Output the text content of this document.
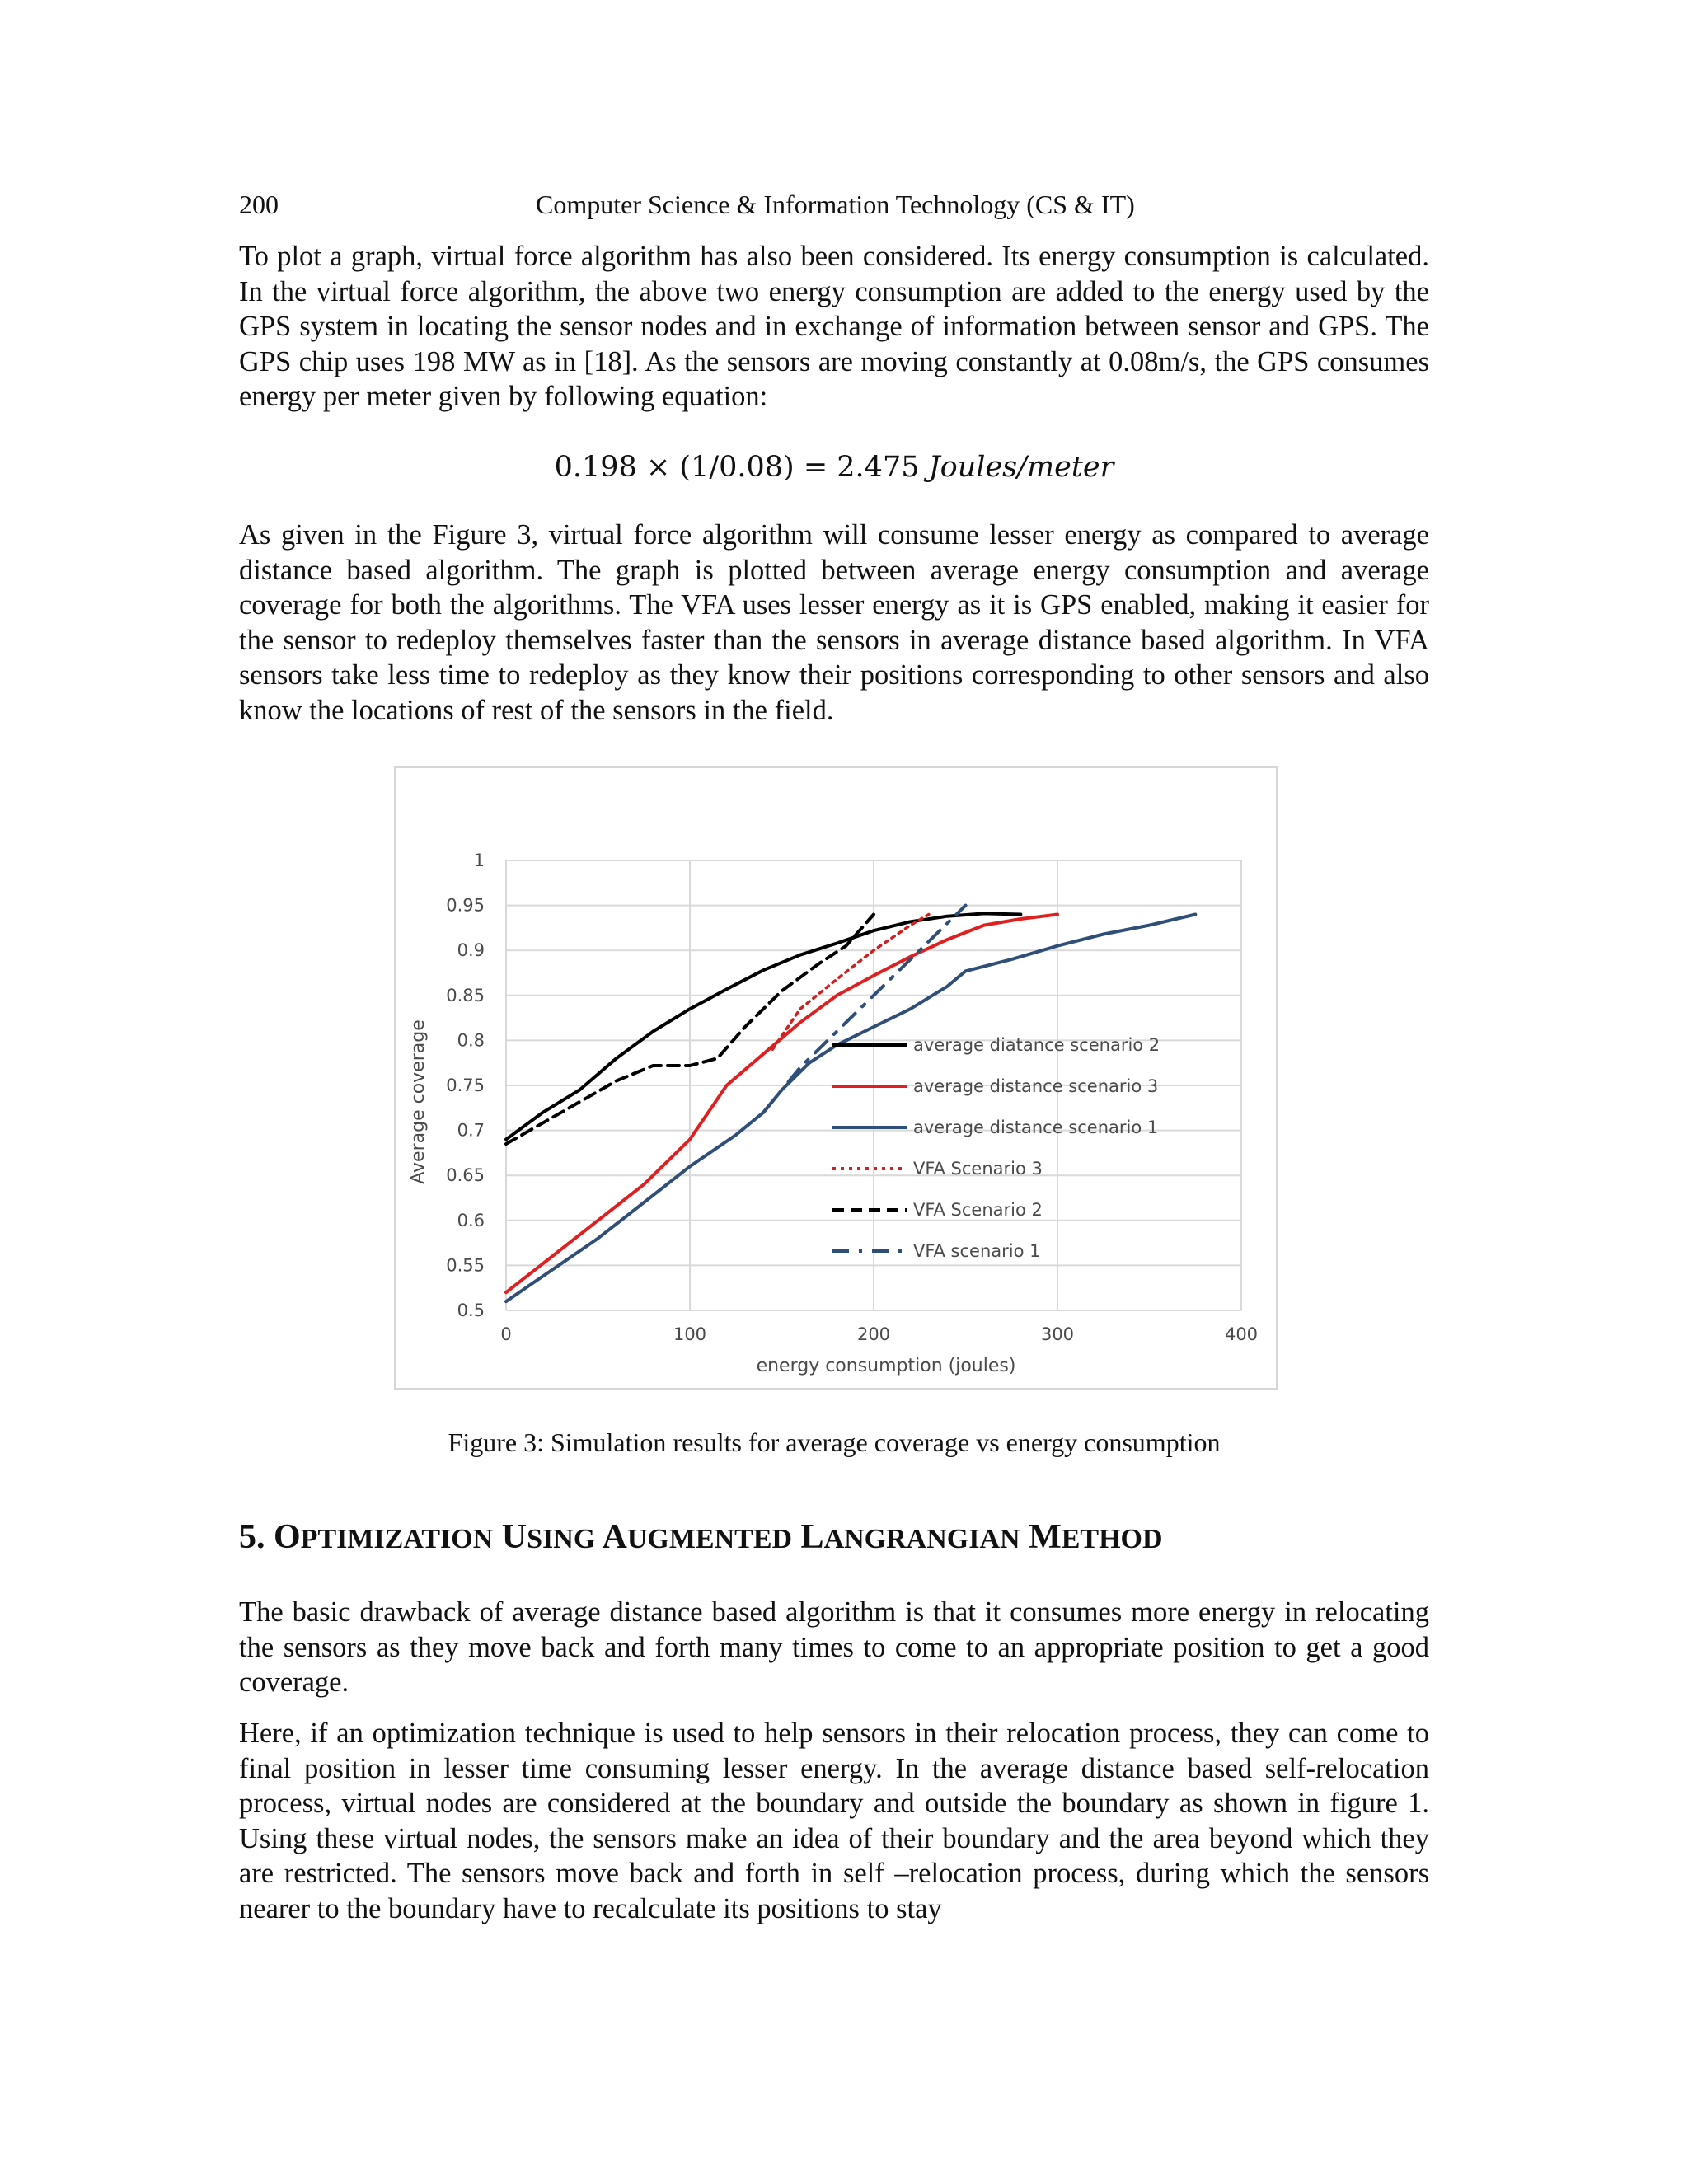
200	Computer Science & Information Technology (CS & IT)

To plot a graph, virtual force algorithm has also been considered. Its energy consumption is calculated. In the virtual force algorithm, the above two energy consumption are added to the energy used by the GPS system in locating the sensor nodes and in exchange of information between sensor and GPS. The GPS chip uses 198 MW as in [18]. As the sensors are moving constantly at 0.08m/s, the GPS consumes energy per meter given by following equation:

0.198 × (1/0.08) = 2.475 Joules/meter

As given in the Figure 3, virtual force algorithm will consume lesser energy as compared to average distance based algorithm. The graph is plotted between average energy consumption and average coverage for both the algorithms. The VFA uses lesser energy as it is GPS enabled, making it easier for the sensor to redeploy themselves faster than the sensors in average distance based algorithm. In VFA sensors take less time to redeploy as they know their positions corresponding to other sensors and also know the locations of rest of the sensors in the field.

0.5
0.55
0.6
0.65
0.7
0.75
0.8
0.85
0.9
0.95
1
0	100	200	300	400
energy consumption (joules)
Average coverage	average diatance scenario 2
average distance scenario 3
average distance scenario 1
VFA Scenario 3
VFA Scenario 2
VFA scenario 1
Figure 3: Simulation results for average coverage vs energy consumption
5. OPTIMIZATION USING AUGMENTED LANGRANGIAN METHOD

The basic drawback of average distance based algorithm is that it consumes more energy in relocating the sensors as they move back and forth many times to come to an appropriate position to get a good coverage.

Here, if an optimization technique is used to help sensors in their relocation process, they can come to final position in lesser time consuming lesser energy. In the average distance based self-relocation process, virtual nodes are considered at the boundary and outside the boundary as shown in figure 1. Using these virtual nodes, the sensors make an idea of their boundary and the area beyond which they are restricted. The sensors move back and forth in self –relocation process, during which the sensors nearer to the boundary have to recalculate its positions to stay
